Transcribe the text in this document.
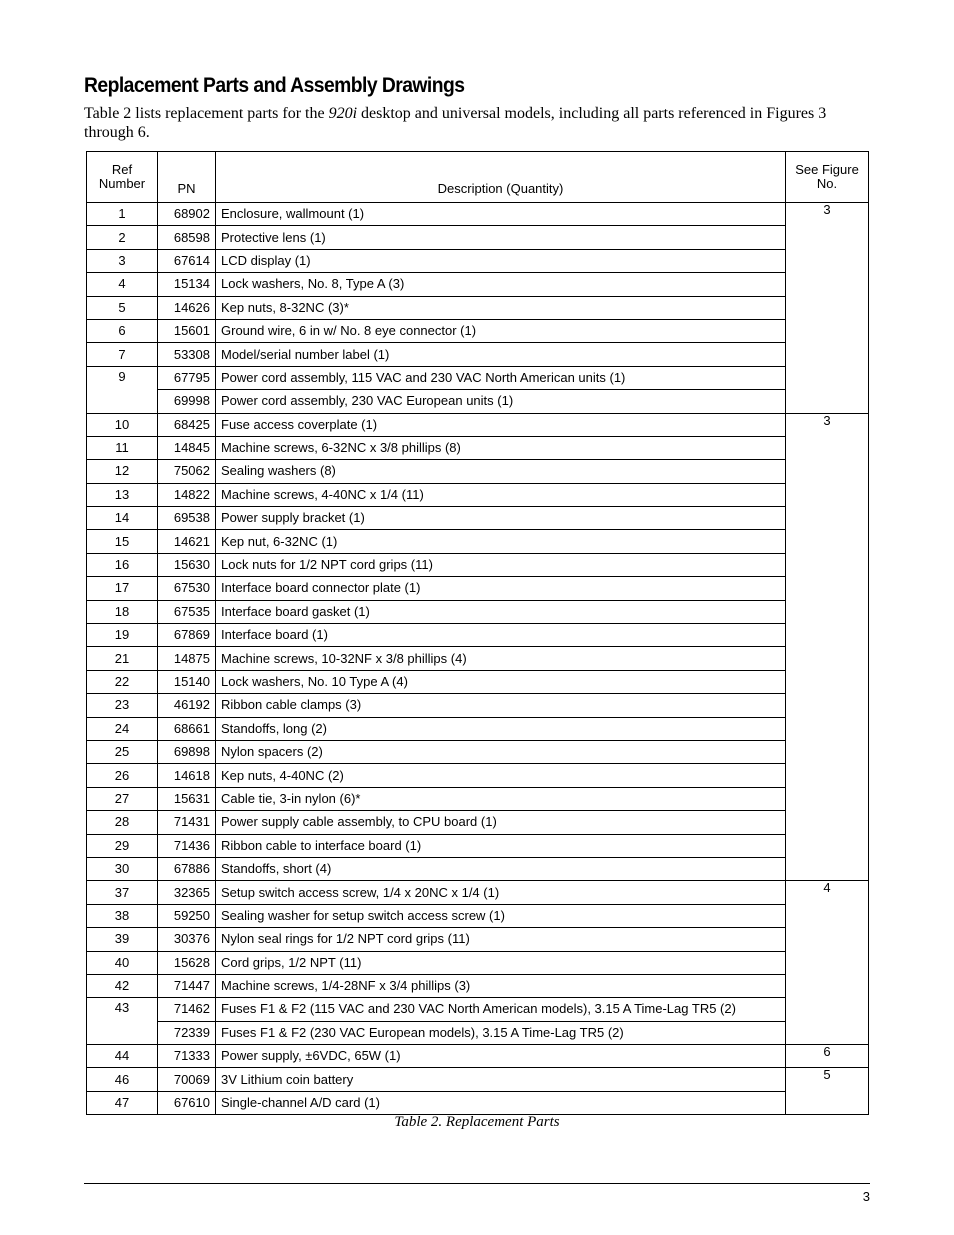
Replacement Parts and Assembly Drawings

Table 2 lists replacement parts for the 920i desktop and universal models, including all parts referenced in Figures 3 through 6.

Ref Number	PN	Description (Quantity)	See Figure No.
1	68902	Enclosure, wallmount (1)	3
2	68598	Protective lens (1)	
3	67614	LCD display (1)	
4	15134	Lock washers, No. 8, Type A (3)	
5	14626	Kep nuts, 8-32NC (3)*	
6	15601	Ground wire, 6 in w/ No. 8 eye connector (1)	
7	53308	Model/serial number label (1)	
9	67795	Power cord assembly, 115 VAC and 230 VAC North American units (1)	
	69998	Power cord assembly, 230 VAC European units (1)	
10	68425	Fuse access coverplate (1)	3
11	14845	Machine screws, 6-32NC x 3/8 phillips (8)	
12	75062	Sealing washers (8)	
13	14822	Machine screws, 4-40NC x 1/4 (11)	
14	69538	Power supply bracket (1)	
15	14621	Kep nut, 6-32NC (1)	
16	15630	Lock nuts for 1/2 NPT cord grips (11)	
17	67530	Interface board connector plate (1)	
18	67535	Interface board gasket (1)	
19	67869	Interface board (1)	
21	14875	Machine screws, 10-32NF x 3/8 phillips (4)	
22	15140	Lock washers, No. 10 Type A (4)	
23	46192	Ribbon cable clamps (3)	
24	68661	Standoffs, long (2)	
25	69898	Nylon spacers (2)	
26	14618	Kep nuts, 4-40NC (2)	
27	15631	Cable tie, 3-in nylon (6)*	
28	71431	Power supply cable assembly, to CPU board (1)	
29	71436	Ribbon cable to interface board (1)	
30	67886	Standoffs, short (4)	
37	32365	Setup switch access screw, 1/4 x 20NC x 1/4 (1)	4
38	59250	Sealing washer for setup switch access screw (1)	
39	30376	Nylon seal rings for 1/2 NPT cord grips (11)	
40	15628	Cord grips, 1/2 NPT (11)	
42	71447	Machine screws, 1/4-28NF x 3/4 phillips (3)	
43	71462	Fuses F1 & F2 (115 VAC and 230 VAC North American models), 3.15 A Time-Lag TR5 (2)	
	72339	Fuses F1 & F2 (230 VAC European models), 3.15 A Time-Lag TR5 (2)	
44	71333	Power supply, ±6VDC, 65W (1)	6
46	70069	3V Lithium coin battery	5
47	67610	Single-channel A/D card (1)	

Table 2. Replacement Parts

3
